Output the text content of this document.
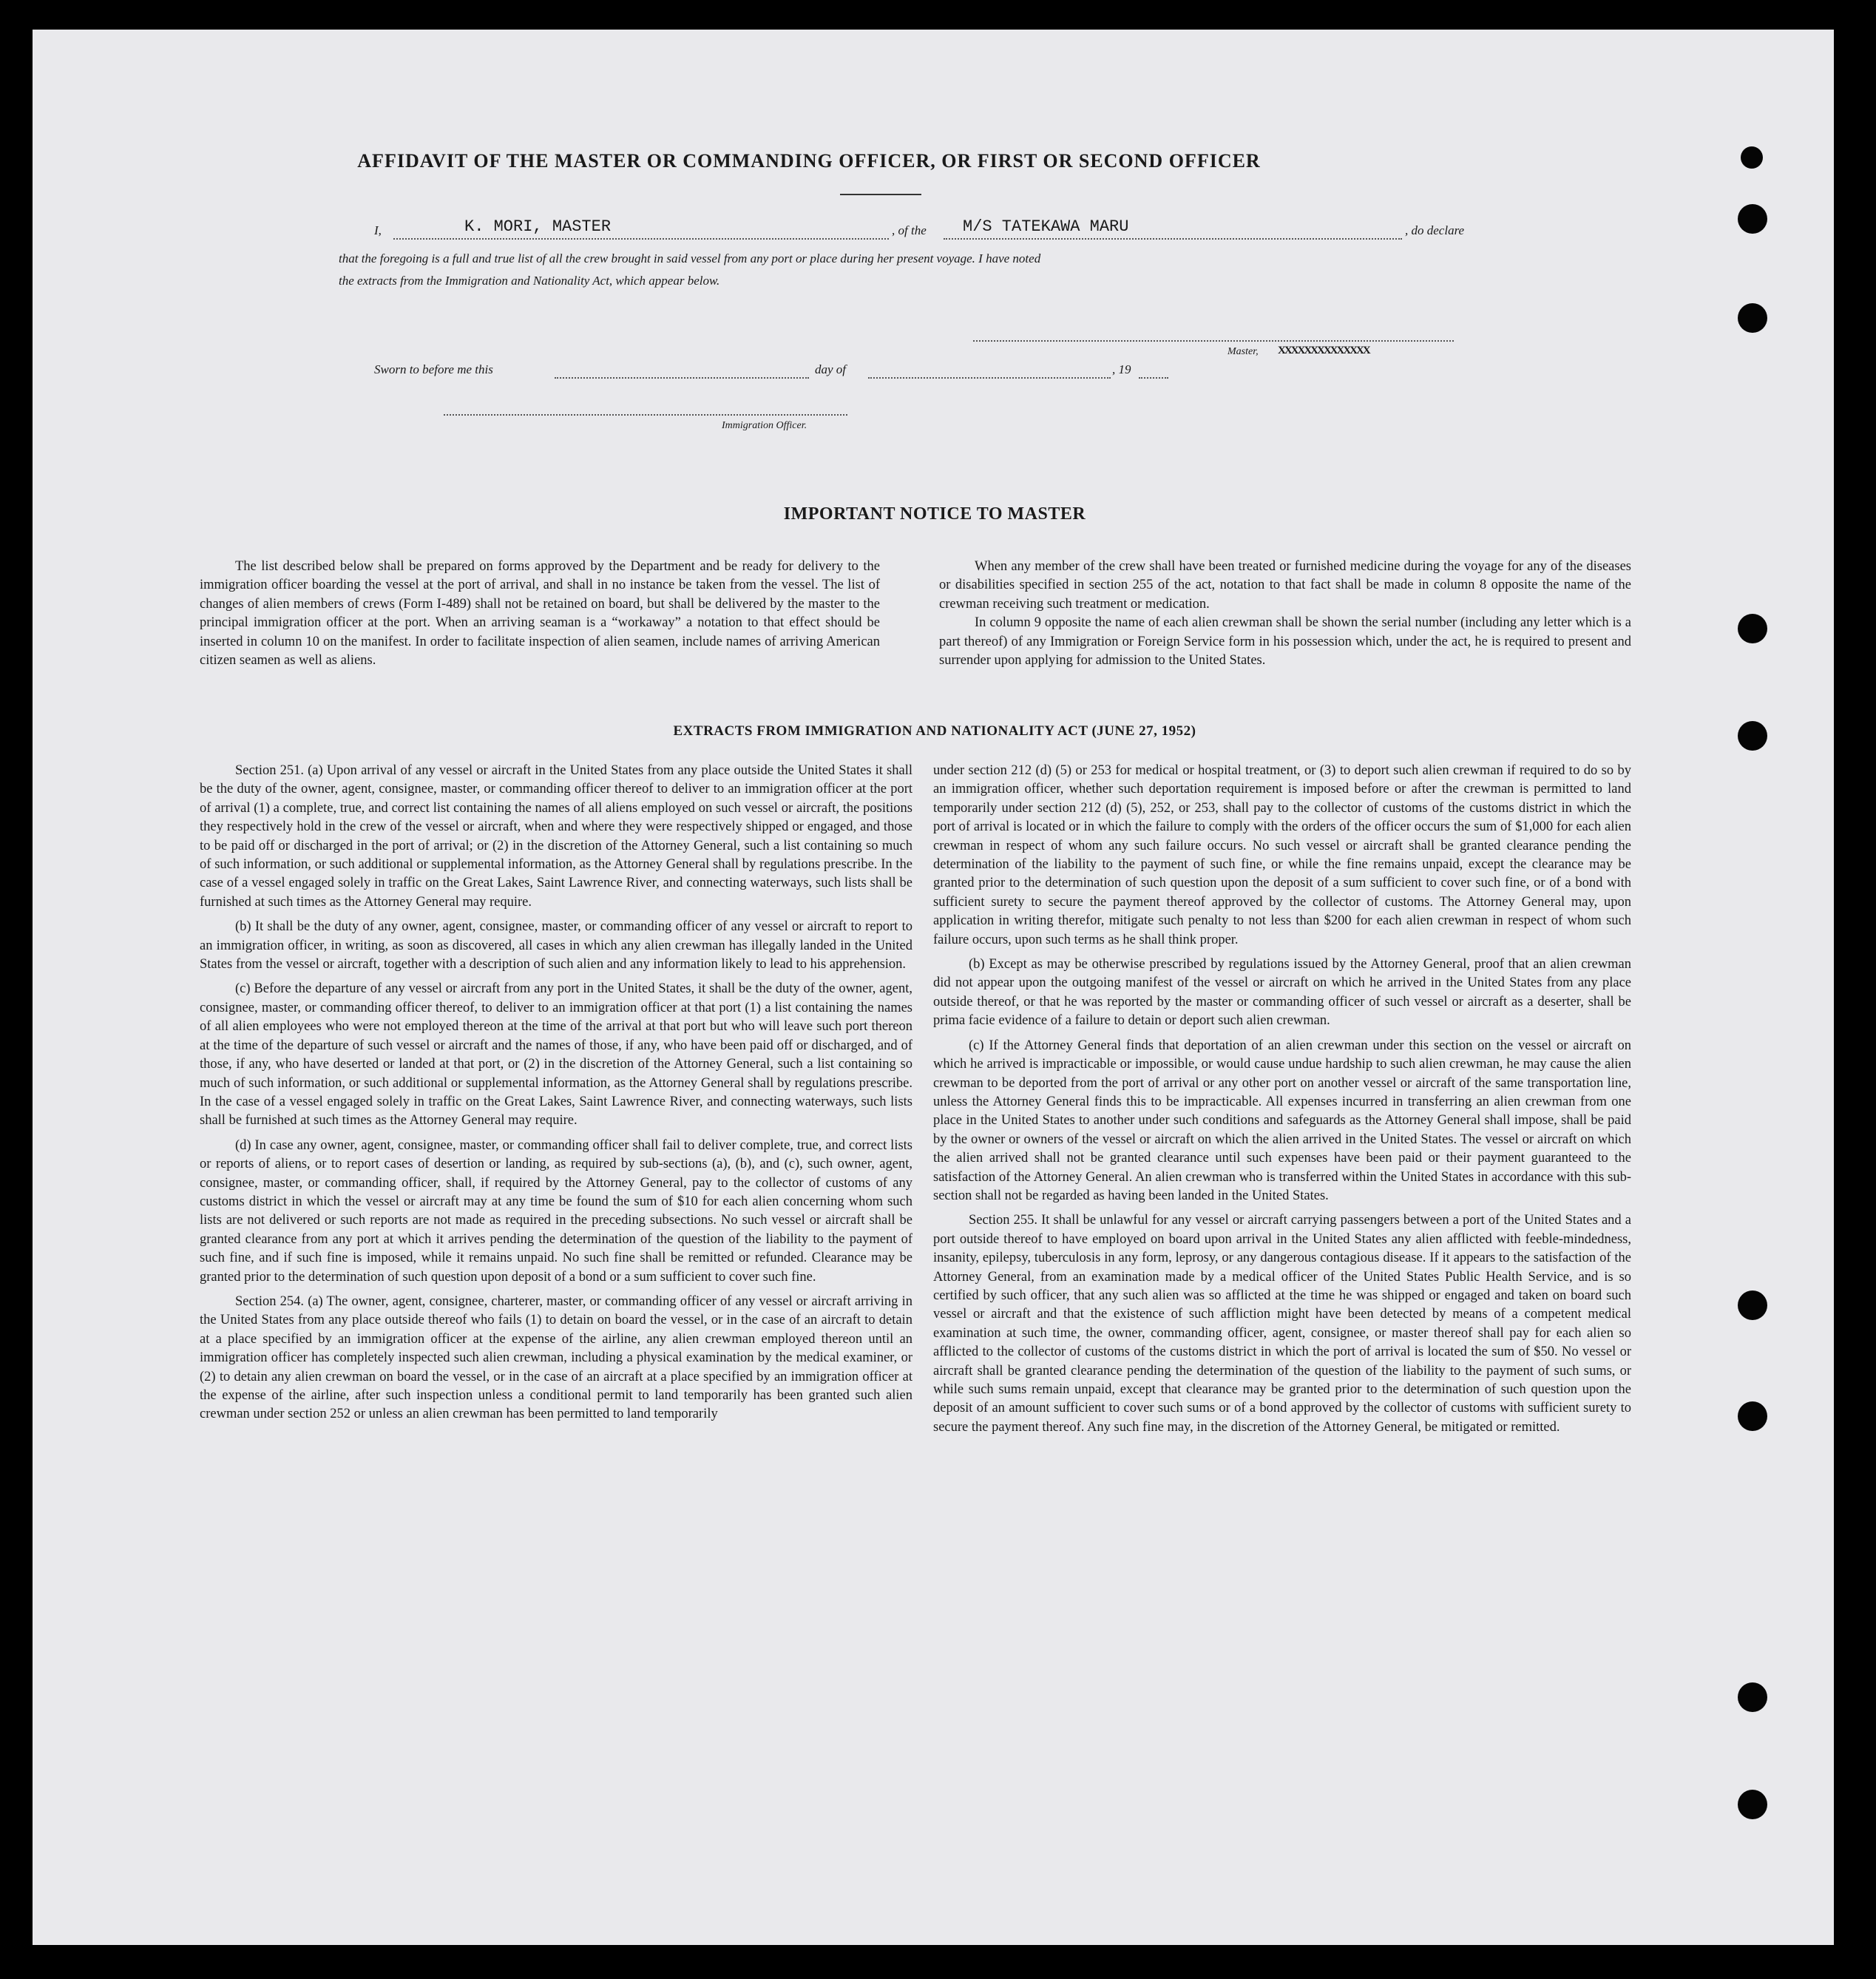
AFFIDAVIT OF THE MASTER OR COMMANDING OFFICER, OR FIRST OR SECOND OFFICER
I,	K. MORI, MASTER	, of the M/S TATEKAWA MARU	, do declare
that the foregoing is a full and true list of all the crew brought in said vessel from any port or place during her present voyage. I have noted
the extracts from the Immigration and Nationality Act, which appear below.
Master, XXXXXXXXXXXXXX
Sworn to before me this	day of	, 19
Immigration Officer.
IMPORTANT NOTICE TO MASTER

The list described below shall be prepared on forms approved by the Department and be ready for delivery to the immigration officer boarding the vessel at the port of arrival, and shall in no instance be taken from the vessel. The list of changes of alien members of crews (Form I-489) shall not be retained on board, but shall be delivered by the master to the principal immigration officer at the port. When an arriving seaman is a “workaway” a notation to that effect should be inserted in column 10 on the manifest. In order to facilitate inspection of alien seamen, include names of arriving American citizen seamen as well as aliens.

When any member of the crew shall have been treated or furnished medicine during the voyage for any of the diseases or disabilities specified in section 255 of the act, notation to that fact shall be made in column 8 opposite the name of the crewman receiving such treatment or medication.

In column 9 opposite the name of each alien crewman shall be shown the serial number (including any letter which is a part thereof) of any Immigration or Foreign Service form in his possession which, under the act, he is required to present and surrender upon applying for admission to the United States.

EXTRACTS FROM IMMIGRATION AND NATIONALITY ACT (JUNE 27, 1952)

Section 251. (a) Upon arrival of any vessel or aircraft in the United States from any place outside the United States it shall be the duty of the owner, agent, consignee, master, or commanding officer thereof to deliver to an immigration officer at the port of arrival (1) a complete, true, and correct list containing the names of all aliens employed on such vessel or aircraft, the positions they respectively hold in the crew of the vessel or aircraft, when and where they were respectively shipped or engaged, and those to be paid off or discharged in the port of arrival; or (2) in the discretion of the Attorney General, such a list containing so much of such information, or such additional or supplemental information, as the Attorney General shall by regulations prescribe. In the case of a vessel engaged solely in traffic on the Great Lakes, Saint Lawrence River, and connecting waterways, such lists shall be furnished at such times as the Attorney General may require.

(b) It shall be the duty of any owner, agent, consignee, master, or commanding officer of any vessel or aircraft to report to an immigration officer, in writing, as soon as discovered, all cases in which any alien crewman has illegally landed in the United States from the vessel or aircraft, together with a description of such alien and any information likely to lead to his apprehension.

(c) Before the departure of any vessel or aircraft from any port in the United States, it shall be the duty of the owner, agent, consignee, master, or commanding officer thereof, to deliver to an immigration officer at that port (1) a list containing the names of all alien employees who were not employed thereon at the time of the arrival at that port but who will leave such port thereon at the time of the departure of such vessel or aircraft and the names of those, if any, who have been paid off or discharged, and of those, if any, who have deserted or landed at that port, or (2) in the discretion of the Attorney General, such a list containing so much of such information, or such additional or supplemental information, as the Attorney General shall by regulations prescribe. In the case of a vessel engaged solely in traffic on the Great Lakes, Saint Lawrence River, and connecting waterways, such lists shall be furnished at such times as the Attorney General may require.

(d) In case any owner, agent, consignee, master, or commanding officer shall fail to deliver complete, true, and correct lists or reports of aliens, or to report cases of desertion or landing, as required by sub-sections (a), (b), and (c), such owner, agent, consignee, master, or commanding officer, shall, if required by the Attorney General, pay to the collector of customs of any customs district in which the vessel or aircraft may at any time be found the sum of $10 for each alien concerning whom such lists are not delivered or such reports are not made as required in the preceding subsections. No such vessel or aircraft shall be granted clearance from any port at which it arrives pending the determination of the question of the liability to the payment of such fine, and if such fine is imposed, while it remains unpaid. No such fine shall be remitted or refunded. Clearance may be granted prior to the determination of such question upon deposit of a bond or a sum sufficient to cover such fine.

Section 254. (a) The owner, agent, consignee, charterer, master, or commanding officer of any vessel or aircraft arriving in the United States from any place outside thereof who fails (1) to detain on board the vessel, or in the case of an aircraft to detain at a place specified by an immigration officer at the expense of the airline, any alien crewman employed thereon until an immigration officer has completely inspected such alien crewman, including a physical examination by the medical examiner, or (2) to detain any alien crewman on board the vessel, or in the case of an aircraft at a place specified by an immigration officer at the expense of the airline, after such inspection unless a conditional permit to land temporarily has been granted such alien crewman under section 252 or unless an alien crewman has been permitted to land temporarily

under section 212 (d) (5) or 253 for medical or hospital treatment, or (3) to deport such alien crewman if required to do so by an immigration officer, whether such deportation requirement is imposed before or after the crewman is permitted to land temporarily under section 212 (d) (5), 252, or 253, shall pay to the collector of customs of the customs district in which the port of arrival is located or in which the failure to comply with the orders of the officer occurs the sum of $1,000 for each alien crewman in respect of whom any such failure occurs. No such vessel or aircraft shall be granted clearance pending the determination of the liability to the payment of such fine, or while the fine remains unpaid, except the clearance may be granted prior to the determination of such question upon the deposit of a sum sufficient to cover such fine, or of a bond with sufficient surety to secure the payment thereof approved by the collector of customs. The Attorney General may, upon application in writing therefor, mitigate such penalty to not less than $200 for each alien crewman in respect of whom such failure occurs, upon such terms as he shall think proper.

(b) Except as may be otherwise prescribed by regulations issued by the Attorney General, proof that an alien crewman did not appear upon the outgoing manifest of the vessel or aircraft on which he arrived in the United States from any place outside thereof, or that he was reported by the master or commanding officer of such vessel or aircraft as a deserter, shall be prima facie evidence of a failure to detain or deport such alien crewman.

(c) If the Attorney General finds that deportation of an alien crewman under this section on the vessel or aircraft on which he arrived is impracticable or impossible, or would cause undue hardship to such alien crewman, he may cause the alien crewman to be deported from the port of arrival or any other port on another vessel or aircraft of the same transportation line, unless the Attorney General finds this to be impracticable. All expenses incurred in transferring an alien crewman from one place in the United States to another under such conditions and safeguards as the Attorney General shall impose, shall be paid by the owner or owners of the vessel or aircraft on which the alien arrived in the United States. The vessel or aircraft on which the alien arrived shall not be granted clearance until such expenses have been paid or their payment guaranteed to the satisfaction of the Attorney General. An alien crewman who is transferred within the United States in accordance with this sub-section shall not be regarded as having been landed in the United States.

Section 255. It shall be unlawful for any vessel or aircraft carrying passengers between a port of the United States and a port outside thereof to have employed on board upon arrival in the United States any alien afflicted with feeble-mindedness, insanity, epilepsy, tuberculosis in any form, leprosy, or any dangerous contagious disease. If it appears to the satisfaction of the Attorney General, from an examination made by a medical officer of the United States Public Health Service, and is so certified by such officer, that any such alien was so afflicted at the time he was shipped or engaged and taken on board such vessel or aircraft and that the existence of such affliction might have been detected by means of a competent medical examination at such time, the owner, commanding officer, agent, consignee, or master thereof shall pay for each alien so afflicted to the collector of customs of the customs district in which the port of arrival is located the sum of $50. No vessel or aircraft shall be granted clearance pending the determination of the question of the liability to the payment of such sums, or while such sums remain unpaid, except that clearance may be granted prior to the determination of such question upon the deposit of an amount sufficient to cover such sums or of a bond approved by the collector of customs with sufficient surety to secure the payment thereof. Any such fine may, in the discretion of the Attorney General, be mitigated or remitted.
